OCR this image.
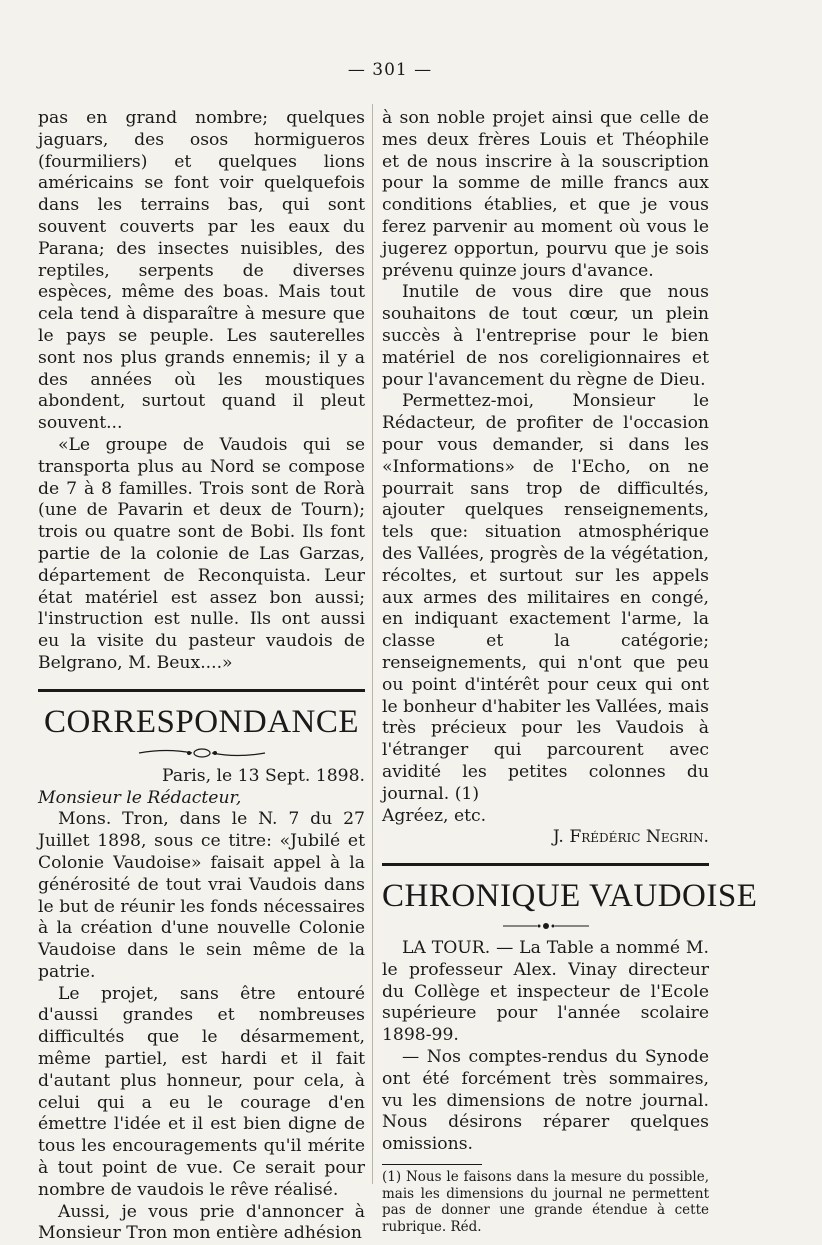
— 301 —

pas en grand nombre; quelques jaguars, des osos hormigueros (fourmiliers) et quelques lions américains se font voir quelquefois dans les terrains bas, qui sont souvent couverts par les eaux du Parana; des insectes nuisibles, des reptiles, serpents de diverses espèces, même des boas. Mais tout cela tend à disparaître à mesure que le pays se peuple. Les sauterelles sont nos plus grands ennemis; il y a des années où les moustiques abondent, surtout quand il pleut souvent...

«Le groupe de Vaudois qui se transporta plus au Nord se compose de 7 à 8 familles. Trois sont de Rorà (une de Pavarin et deux de Tourn); trois ou quatre sont de Bobi. Ils font partie de la colonie de Las Garzas, département de Reconquista. Leur état matériel est assez bon aussi; l'instruction est nulle. Ils ont aussi eu la visite du pasteur vaudois de Belgrano, M. Beux....»

CORRESPONDANCE

Paris, le 13 Sept. 1898.

Monsieur le Rédacteur,

Mons. Tron, dans le N. 7 du 27 Juillet 1898, sous ce titre: «Jubilé et Colonie Vaudoise» faisait appel à la générosité de tout vrai Vaudois dans le but de réunir les fonds nécessaires à la création d'une nouvelle Colonie Vaudoise dans le sein même de la patrie.

Le projet, sans être entouré d'aussi grandes et nombreuses difficultés que le désarmement, même partiel, est hardi et il fait d'autant plus honneur, pour cela, à celui qui a eu le courage d'en émettre l'idée et il est bien digne de tous les encouragements qu'il mérite à tout point de vue. Ce serait pour nombre de vaudois le rêve réalisé.

Aussi, je vous prie d'annoncer à Monsieur Tron mon entière adhésion

à son noble projet ainsi que celle de mes deux frères Louis et Théophile et de nous inscrire à la souscription pour la somme de mille francs aux conditions établies, et que je vous ferez parvenir au moment où vous le jugerez opportun, pourvu que je sois prévenu quinze jours d'avance.

Inutile de vous dire que nous souhaitons de tout cœur, un plein succès à l'entreprise pour le bien matériel de nos coreligionnaires et pour l'avancement du règne de Dieu.

Permettez-moi, Monsieur le Rédacteur, de profiter de l'occasion pour vous demander, si dans les «Informations» de l'Echo, on ne pourrait sans trop de difficultés, ajouter quelques renseignements, tels que: situation atmosphérique des Vallées, progrès de la végétation, récoltes, et surtout sur les appels aux armes des militaires en congé, en indiquant exactement l'arme, la classe et la catégorie; renseignements, qui n'ont que peu ou point d'intérêt pour ceux qui ont le bonheur d'habiter les Vallées, mais très précieux pour les Vaudois à l'étranger qui parcourent avec avidité les petites colonnes du journal. (1)

Agréez, etc.

J. Frédéric Negrin.

CHRONIQUE VAUDOISE

LA TOUR. — La Table a nommé M. le professeur Alex. Vinay directeur du Collège et inspecteur de l'Ecole supérieure pour l'année scolaire 1898-99.

— Nos comptes-rendus du Synode ont été forcément très sommaires, vu les dimensions de notre journal. Nous désirons réparer quelques omissions.

(1) Nous le faisons dans la mesure du possible, mais les dimensions du journal ne permettent pas de donner une grande étendue à cette rubrique. Réd.
